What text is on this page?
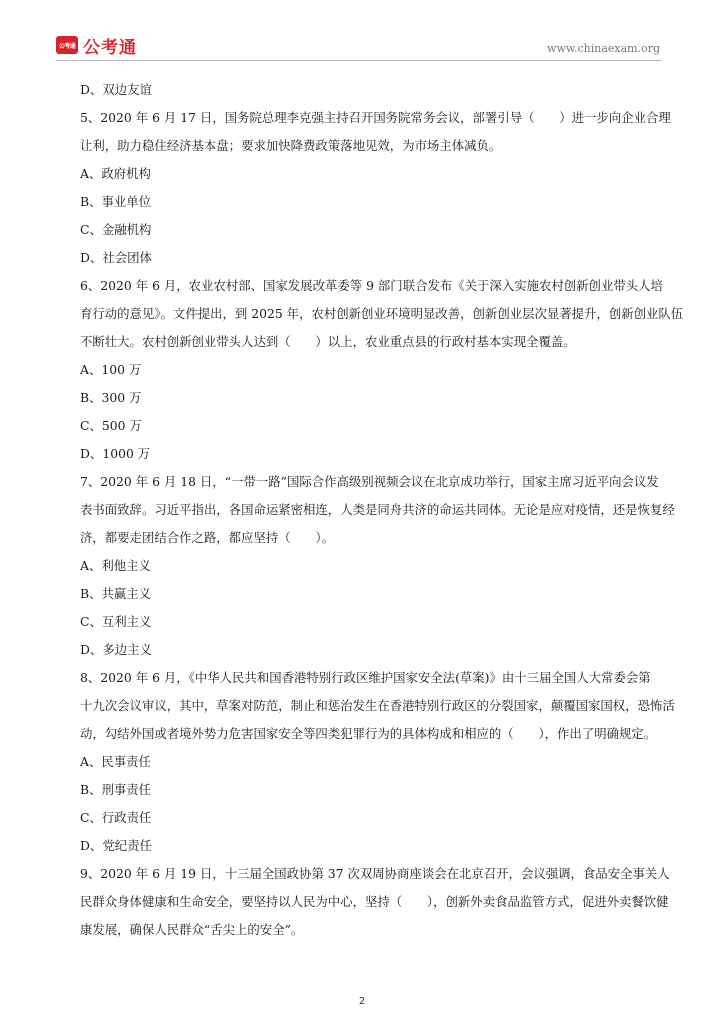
公考通 公考通	www.chinaexam.org
D、双边友谊
5、2020 年 6 月 17 日，国务院总理李克强主持召开国务院常务会议，部署引导（　　）进一步向企业合理
让利，助力稳住经济基本盘；要求加快降费政策落地见效，为市场主体减负。
A、政府机构
B、事业单位
C、金融机构
D、社会团体
6、2020 年 6 月，农业农村部、国家发展改革委等 9 部门联合发布《关于深入实施农村创新创业带头人培
育行动的意见》。文件提出，到 2025 年，农村创新创业环境明显改善，创新创业层次显著提升，创新创业队伍
不断壮大。农村创新创业带头人达到（　　）以上，农业重点县的行政村基本实现全覆盖。
A、100 万
B、300 万
C、500 万
D、1000 万
7、2020 年 6 月 18 日，“一带一路”国际合作高级别视频会议在北京成功举行，国家主席习近平向会议发
表书面致辞。习近平指出，各国命运紧密相连，人类是同舟共济的命运共同体。无论是应对疫情，还是恢复经
济，都要走团结合作之路，都应坚持（　　）。
A、利他主义
B、共赢主义
C、互利主义
D、多边主义
8、2020 年 6 月，《中华人民共和国香港特别行政区维护国家安全法(草案)》由十三届全国人大常委会第
十九次会议审议，其中，草案对防范，制止和惩治发生在香港特别行政区的分裂国家，颠覆国家国权，恐怖活
动，勾结外国或者境外势力危害国家安全等四类犯罪行为的具体构成和相应的（　　），作出了明确规定。
A、民事责任
B、刑事责任
C、行政责任
D、党纪责任
9、2020 年 6 月 19 日，十三届全国政协第 37 次双周协商座谈会在北京召开，会议强调，食品安全事关人
民群众身体健康和生命安全，要坚持以人民为中心，坚持（　　），创新外卖食品监管方式，促进外卖餐饮健
康发展，确保人民群众“舌尖上的安全”。
2
